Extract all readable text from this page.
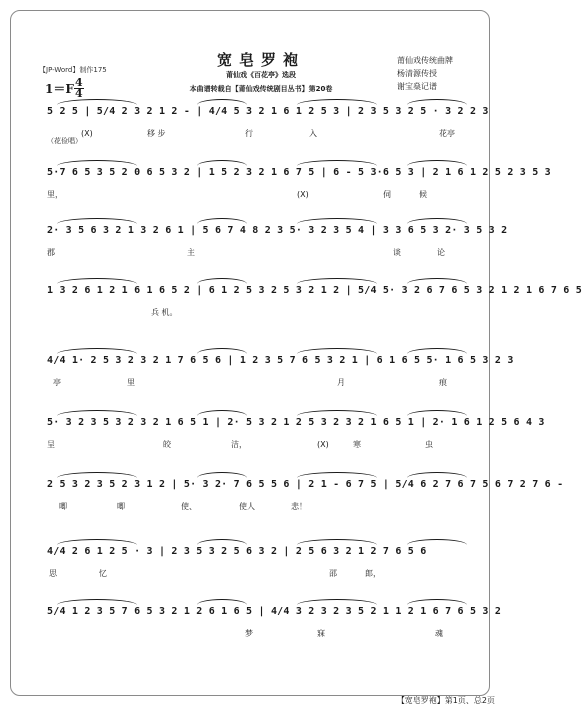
【JP-Word】制作175
宽皂罗袍	莆仙戏传统曲牌
杨清源传授
谢宝燊记谱
$1=F \frac{4}{4}$
莆仙戏《百花亭》选段
本曲谱转载自【莆仙戏传统剧目丛书】第20卷
（花俭唱）
5 2 5 | 5/4 2 3 2 1 2 - | 4/4 5 3 2 1 6 1 2 5 3 | 2 3 5 3 2 5 · 3 2 2 3
(X)	移 步	行	入	花亭
5·7 6 5 3 5 2 0 6 5 3 2 | 1 5 2 3 2 1 6 7 5 | 6 - 5 3·6 5 3 | 2 1 6 1 2 5 2 3 5 3
里，	(X)	伺	候
2· 3 5 6 3 2 1 3 2 6 1 | 5 6 7 4 8 2 3 5· 3 2 3 5 4 | 3 3 6 5 3 2· 3 5 3 2
郡	主	谈	论
1 3 2 6 1 2 1 6 1 6 5 2 | 6 1 2 5 3 2 5 3 2 1 2 | 5/4 5· 3 2 6 7 6 5 3 2 1 2 1 6 7 6 5
兵 机。
4/4 1· 2 5 3 2 3 2 1 7 6 5 6 | 1 2 3 5 7 6 5 3 2 1 | 6 1 6 5 5· 1 6 5 3 2 3
亭	里	月	痕
5· 3 2 3 5 3 2 3 2 1 6 5 1 | 2· 5 3 2 1 2 5 3 2 3 2 1 6 5 1 | 2· 1 6 1 2 5 6 4 3
呈	皎	洁，	(X)	寒	虫
2 5 3 2 3 5 2 3 1 2 | 5· 3 2· 7 6 5 5 6 | 2 1 - 6 7 5 | 5/4 6 2 7 6 7 5 6 7 2 7 6 -
唧	唧	使、	使人	悲！
4/4 2 6 1 2 5 · 3 | 2 3 5 3 2 5 6 3 2 | 2 5 6 3 2 1 2 7 6 5 6
思	忆	邵	郎，
5/4 1 2 3 5 7 6 5 3 2 1 2 6 1 6 5 | 4/4 3 2 3 2 3 5 2 1 1 2 1 6 7 6 5 3 2
梦	寐	魂
【宽皂罗袍】第1页、总2页
